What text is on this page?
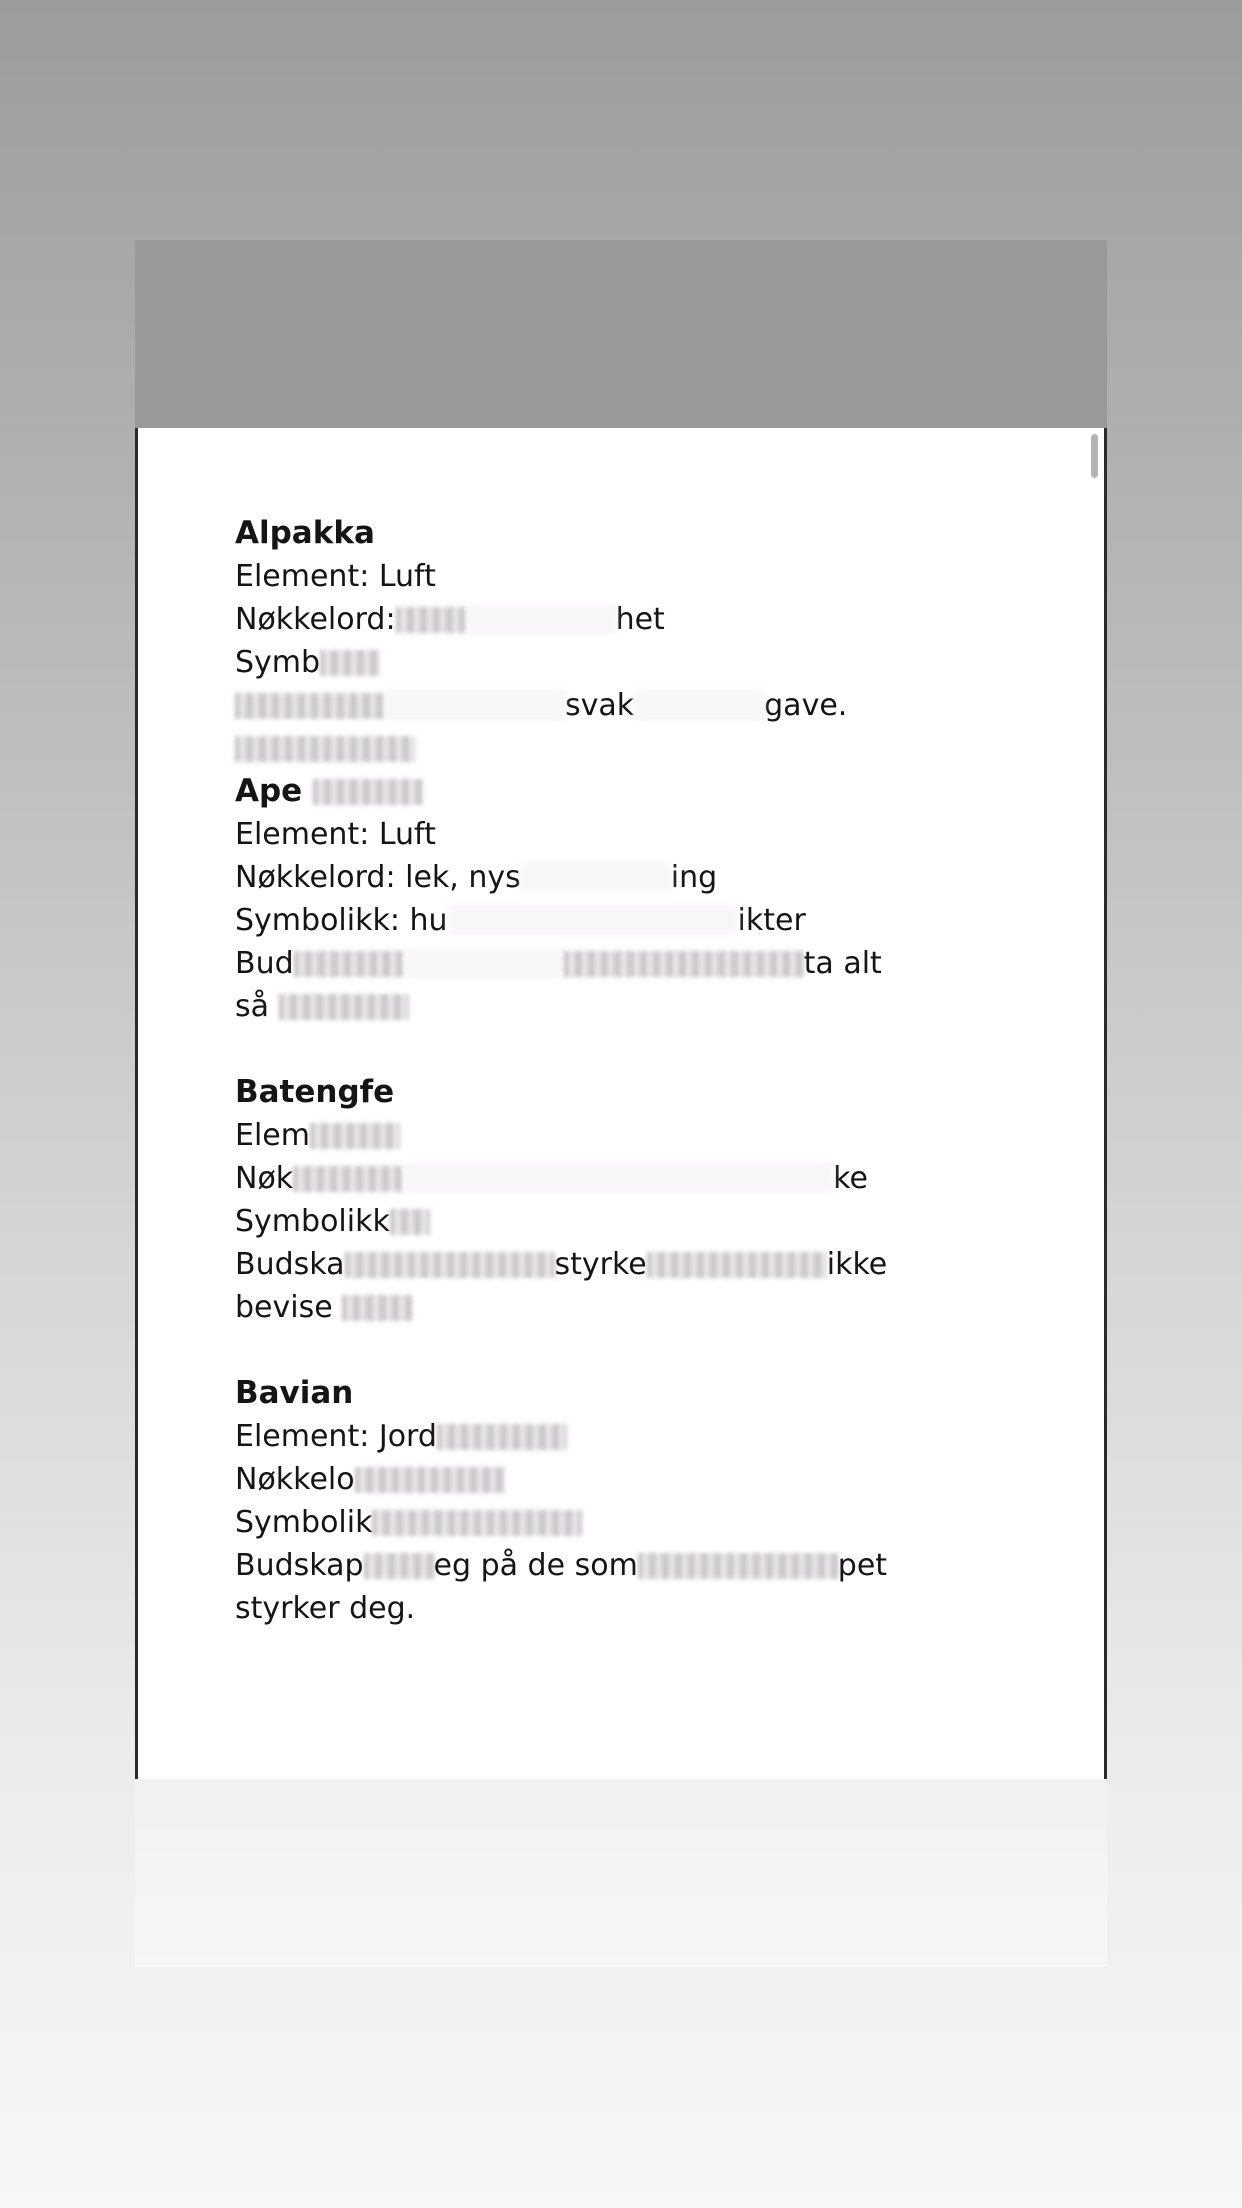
Alpakka
Element: Luft
Nøkkelord:	het
Symb
svak	gave.
Ape
Element: Luft
Nøkkelord: lek, nys	ing
Symbolikk: hu	ikter
Bud	ta alt
så
Batengfe
Elem
Nøk	ke
Symbolikk
Budska	styrke	ikke
bevise
Bavian
Element: Jord
Nøkkelo
Symbolik
Budskap eg på de som	pet
styrker deg.
